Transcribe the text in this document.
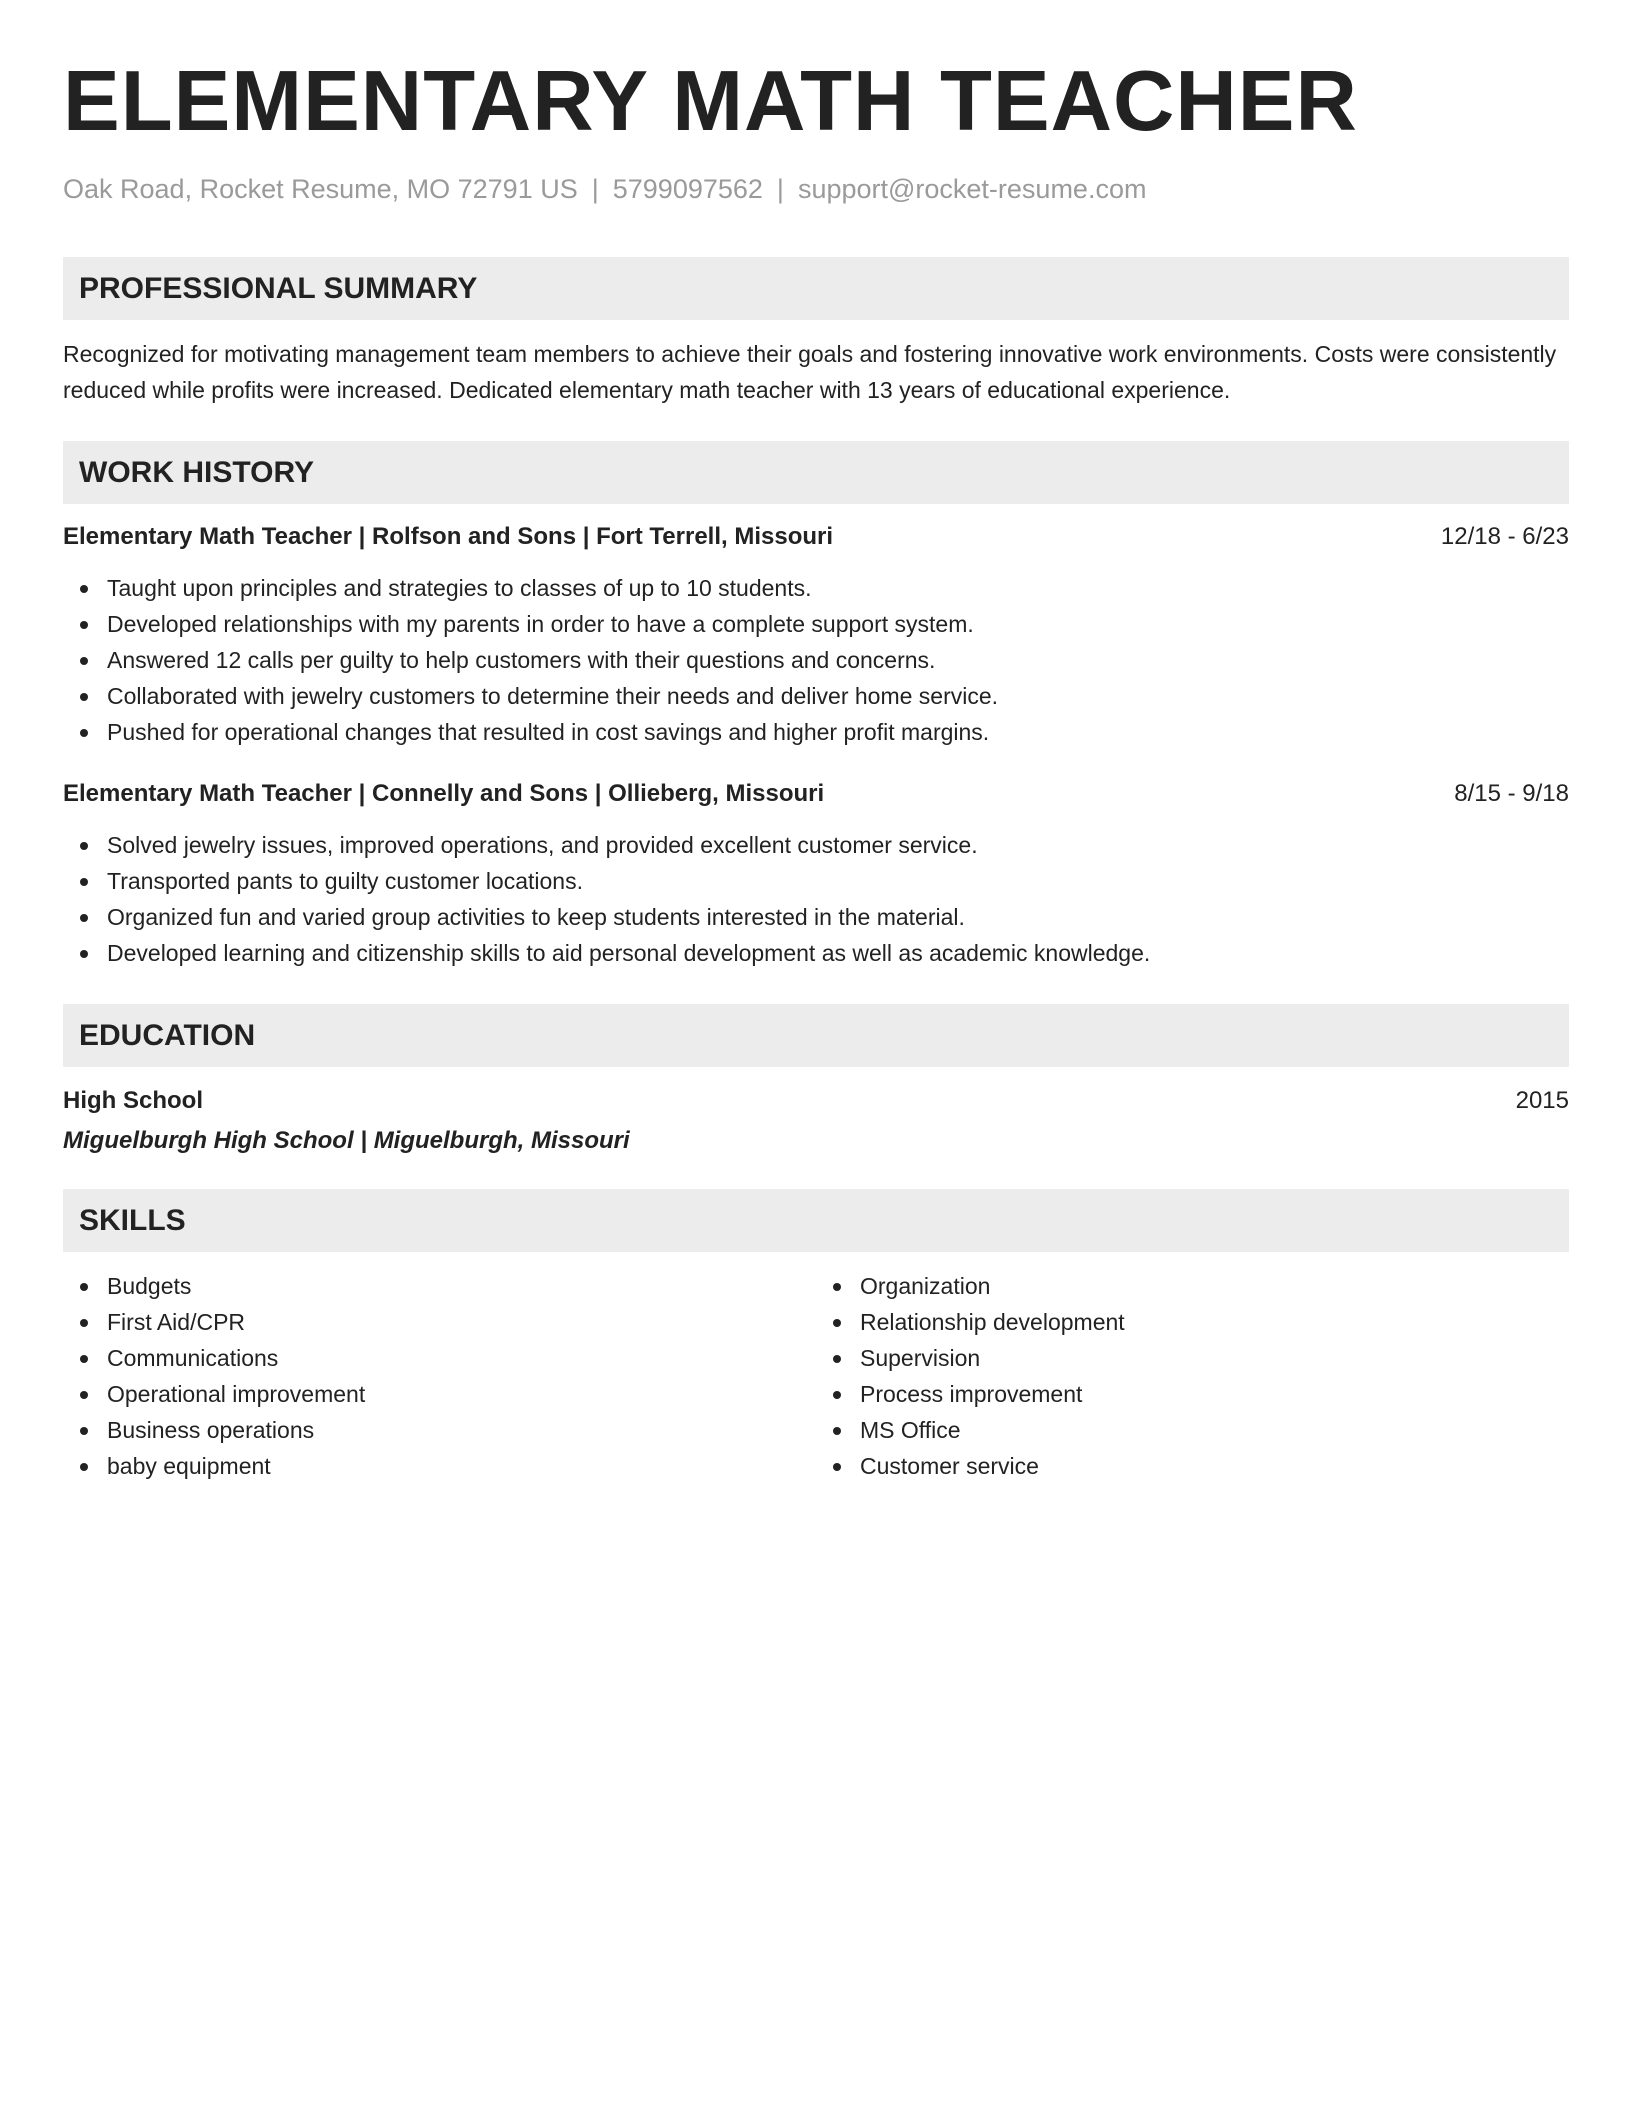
ELEMENTARY MATH TEACHER
Oak Road, Rocket Resume, MO 72791 US | 5799097562 | support@rocket-resume.com
PROFESSIONAL SUMMARY
Recognized for motivating management team members to achieve their goals and fostering innovative work environments. Costs were consistently reduced while profits were increased. Dedicated elementary math teacher with 13 years of educational experience.
WORK HISTORY
Elementary Math Teacher | Rolfson and Sons | Fort Terrell, Missouri	12/18 - 6/23
Taught upon principles and strategies to classes of up to 10 students.
Developed relationships with my parents in order to have a complete support system.
Answered 12 calls per guilty to help customers with their questions and concerns.
Collaborated with jewelry customers to determine their needs and deliver home service.
Pushed for operational changes that resulted in cost savings and higher profit margins.
Elementary Math Teacher | Connelly and Sons | Ollieberg, Missouri	8/15 - 9/18
Solved jewelry issues, improved operations, and provided excellent customer service.
Transported pants to guilty customer locations.
Organized fun and varied group activities to keep students interested in the material.
Developed learning and citizenship skills to aid personal development as well as academic knowledge.
EDUCATION
High School	2015
Miguelburgh High School | Miguelburgh, Missouri
SKILLS
Budgets
First Aid/CPR
Communications
Operational improvement
Business operations
baby equipment
Organization
Relationship development
Supervision
Process improvement
MS Office
Customer service
